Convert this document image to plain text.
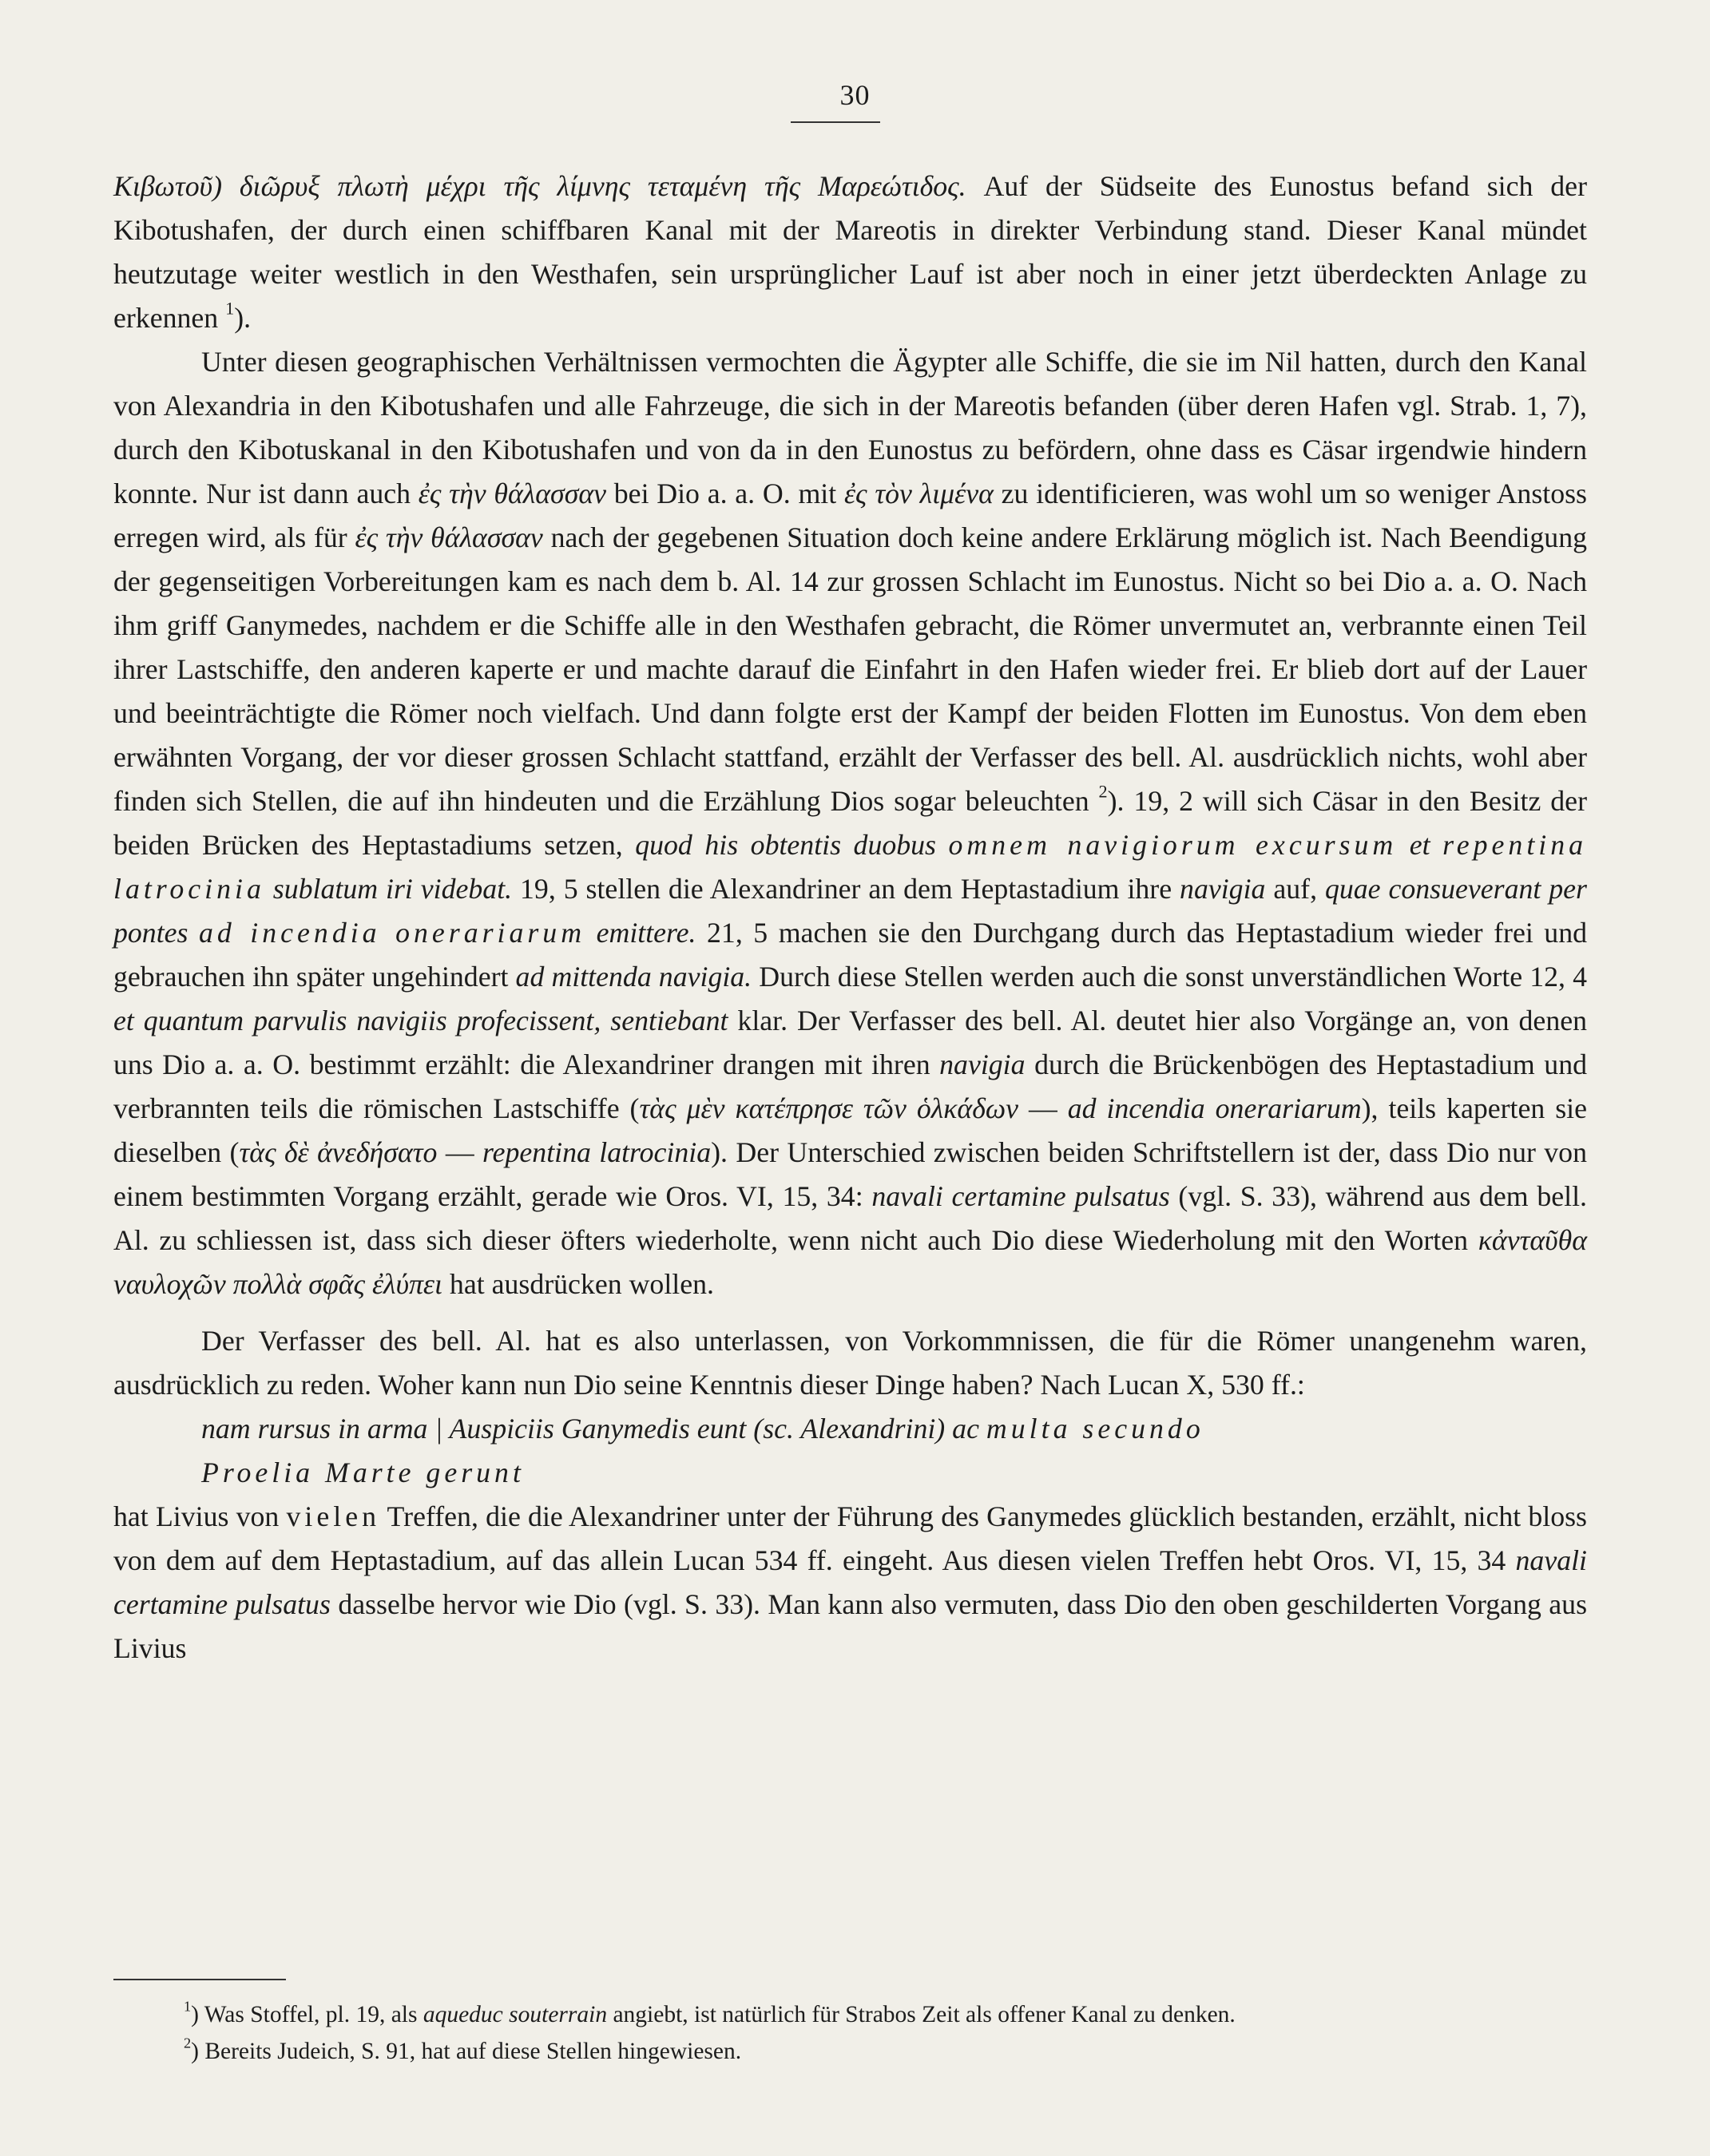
30

Κιβωτοῦ) διῶρυξ πλωτὴ μέχρι τῆς λίμνης τεταμένη τῆς Μαρεώτιδος. Auf der Südseite des Eunostus befand sich der Kibotushafen, der durch einen schiffbaren Kanal mit der Mareotis in direkter Verbindung stand. Dieser Kanal mündet heutzutage weiter westlich in den Westhafen, sein ursprünglicher Lauf ist aber noch in einer jetzt überdeckten Anlage zu erkennen $^1$).

Unter diesen geographischen Verhältnissen vermochten die Ägypter alle Schiffe, die sie im Nil hatten, durch den Kanal von Alexandria in den Kibotushafen und alle Fahrzeuge, die sich in der Mareotis befanden (über deren Hafen vgl. Strab. 1, 7), durch den Kibotuskanal in den Kibotushafen und von da in den Eunostus zu befördern, ohne dass es Cäsar irgendwie hindern konnte. Nur ist dann auch ἐς τὴν θάλασσαν bei Dio a. a. O. mit ἐς τὸν λιμένα zu identificieren, was wohl um so weniger Anstoss erregen wird, als für ἐς τὴν θάλασσαν nach der gegebenen Situation doch keine andere Erklärung möglich ist. Nach Beendigung der gegenseitigen Vorbereitungen kam es nach dem b. Al. 14 zur grossen Schlacht im Eunostus. Nicht so bei Dio a. a. O. Nach ihm griff Ganymedes, nachdem er die Schiffe alle in den Westhafen gebracht, die Römer unvermutet an, verbrannte einen Teil ihrer Lastschiffe, den anderen kaperte er und machte darauf die Einfahrt in den Hafen wieder frei. Er blieb dort auf der Lauer und beeinträchtigte die Römer noch vielfach. Und dann folgte erst der Kampf der beiden Flotten im Eunostus. Von dem eben erwähnten Vorgang, der vor dieser grossen Schlacht stattfand, erzählt der Verfasser des bell. Al. ausdrücklich nichts, wohl aber finden sich Stellen, die auf ihn hindeuten und die Erzählung Dios sogar beleuchten $^2$). 19, 2 will sich Cäsar in den Besitz der beiden Brücken des Heptastadiums setzen, quod his obtentis duobus omnem navigiorum excursum et repentina latrocinia sublatum iri videbat. 19, 5 stellen die Alexandriner an dem Heptastadium ihre navigia auf, quae consueverant per pontes ad incendia onerariarum emittere. 21, 5 machen sie den Durchgang durch das Heptastadium wieder frei und gebrauchen ihn später ungehindert ad mittenda navigia. Durch diese Stellen werden auch die sonst unverständlichen Worte 12, 4 et quantum parvulis navigiis profecissent, sentiebant klar. Der Verfasser des bell. Al. deutet hier also Vorgänge an, von denen uns Dio a. a. O. bestimmt erzählt: die Alexandriner drangen mit ihren navigia durch die Brückenbögen des Heptastadium und verbrannten teils die römischen Lastschiffe (τὰς μὲν κατέπρησε τῶν ὁλκάδων — ad incendia onerariarum), teils kaperten sie dieselben (τὰς δὲ ἀνεδήσατο — repentina latrocinia). Der Unterschied zwischen beiden Schriftstellern ist der, dass Dio nur von einem bestimmten Vorgang erzählt, gerade wie Oros. VI, 15, 34: navali certamine pulsatus (vgl. S. 33), während aus dem bell. Al. zu schliessen ist, dass sich dieser öfters wiederholte, wenn nicht auch Dio diese Wiederholung mit den Worten κἀνταῦθα ναυλοχῶν πολλὰ σφᾶς ἐλύπει hat ausdrücken wollen.

Der Verfasser des bell. Al. hat es also unterlassen, von Vorkommnissen, die für die Römer unangenehm waren, ausdrücklich zu reden. Woher kann nun Dio seine Kenntnis dieser Dinge haben? Nach Lucan X, 530 ff.:

nam rursus in arma | Auspiciis Ganymedis eunt (sc. Alexandrini) ac multa secundo

Proelia Marte gerunt

hat Livius von vielen Treffen, die die Alexandriner unter der Führung des Ganymedes glücklich bestanden, erzählt, nicht bloss von dem auf dem Heptastadium, auf das allein Lucan 534 ff. eingeht. Aus diesen vielen Treffen hebt Oros. VI, 15, 34 navali certamine pulsatus dasselbe hervor wie Dio (vgl. S. 33). Man kann also vermuten, dass Dio den oben geschilderten Vorgang aus Livius

$^1$) Was Stoffel, pl. 19, als aqueduc souterrain angiebt, ist natürlich für Strabos Zeit als offener Kanal zu denken.

$^2$) Bereits Judeich, S. 91, hat auf diese Stellen hingewiesen.
